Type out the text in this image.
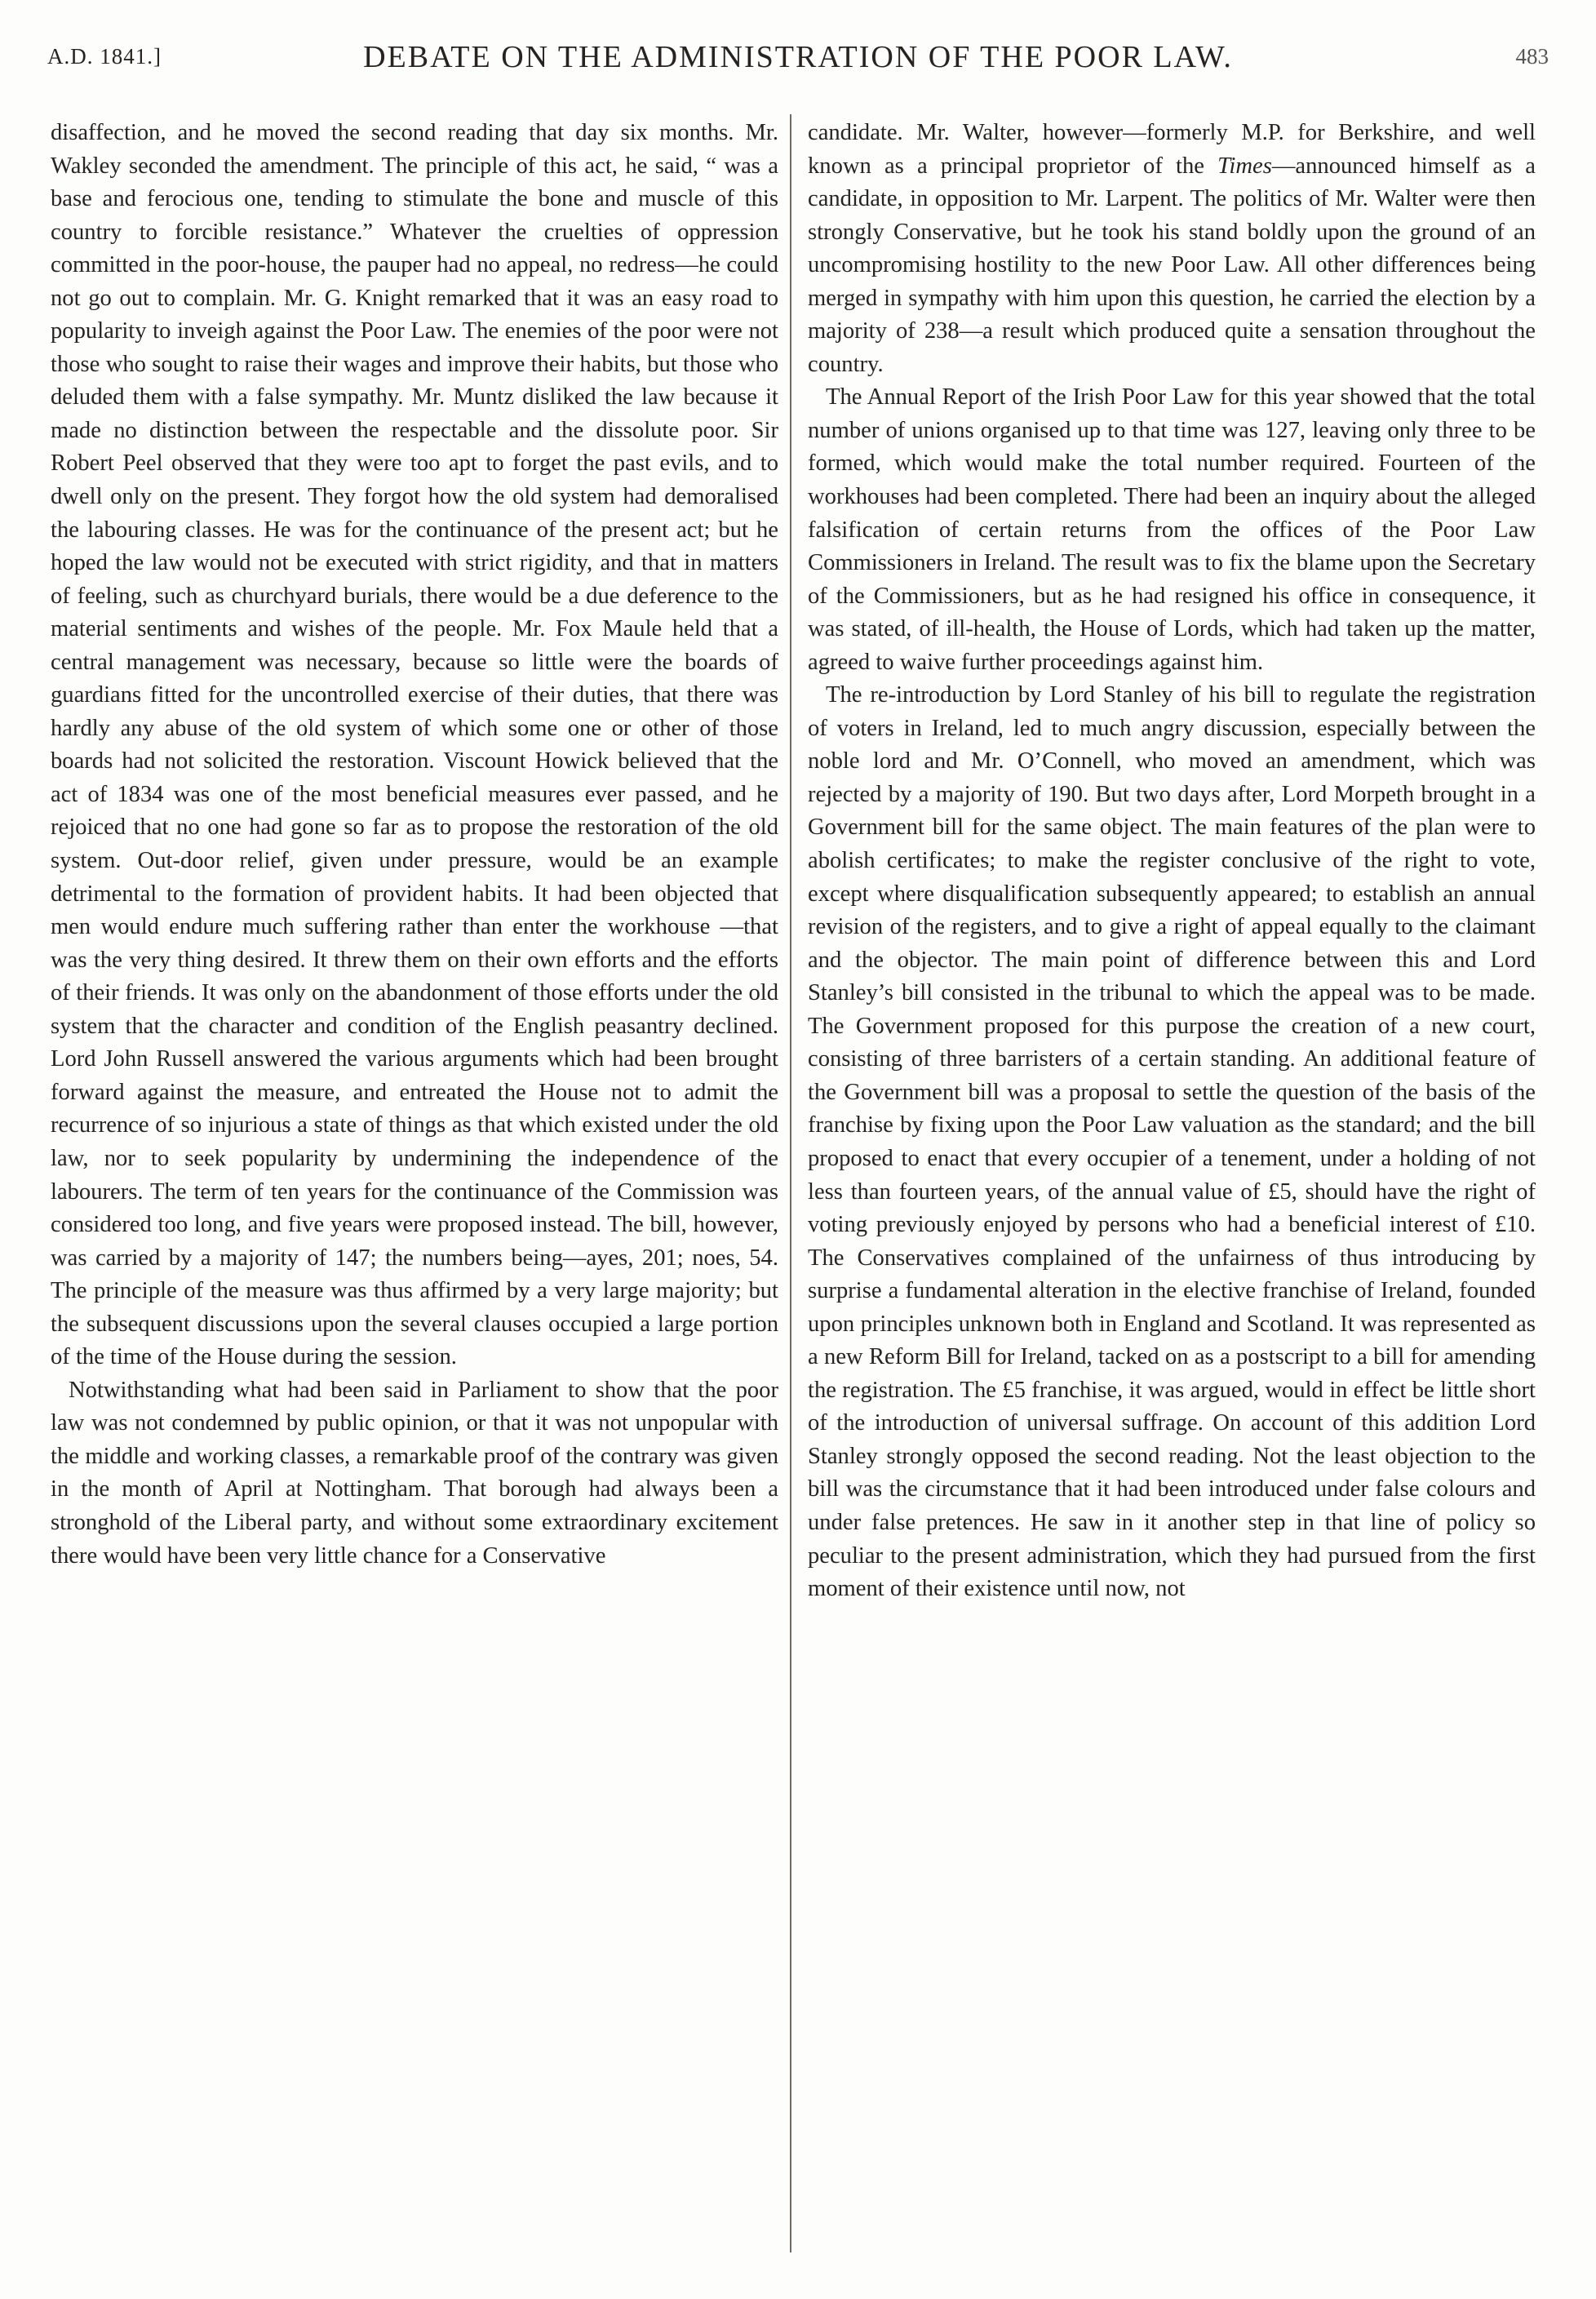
A.D. 1841.]	DEBATE ON THE ADMINISTRATION OF THE POOR LAW.	483

disaffection, and he moved the second reading that day six months. Mr. Wakley seconded the amendment. The principle of this act, he said, “ was a base and ferocious one, tending to stimulate the bone and muscle of this country to forcible resistance.” Whatever the cruelties of oppression committed in the poor-house, the pauper had no appeal, no redress—he could not go out to complain. Mr. G. Knight remarked that it was an easy road to popularity to inveigh against the Poor Law. The enemies of the poor were not those who sought to raise their wages and improve their habits, but those who deluded them with a false sympathy. Mr. Muntz disliked the law because it made no distinction between the respectable and the dissolute poor. Sir Robert Peel observed that they were too apt to forget the past evils, and to dwell only on the present. They forgot how the old system had demoralised the labouring classes. He was for the continuance of the present act; but he hoped the law would not be executed with strict rigidity, and that in matters of feeling, such as churchyard burials, there would be a due deference to the material sentiments and wishes of the people. Mr. Fox Maule held that a central management was necessary, because so little were the boards of guardians fitted for the uncontrolled exercise of their duties, that there was hardly any abuse of the old system of which some one or other of those boards had not solicited the restoration. Viscount Howick believed that the act of 1834 was one of the most beneficial measures ever passed, and he rejoiced that no one had gone so far as to propose the restoration of the old system. Out-door relief, given under pressure, would be an example detrimental to the formation of provident habits. It had been objected that men would endure much suffering rather than enter the workhouse —that was the very thing desired. It threw them on their own efforts and the efforts of their friends. It was only on the abandonment of those efforts under the old system that the character and condition of the English peasantry declined. Lord John Russell answered the various arguments which had been brought forward against the measure, and entreated the House not to admit the recurrence of so injurious a state of things as that which existed under the old law, nor to seek popularity by undermining the independence of the labourers. The term of ten years for the continuance of the Commission was considered too long, and five years were proposed instead. The bill, however, was carried by a majority of 147; the numbers being—ayes, 201; noes, 54. The principle of the measure was thus affirmed by a very large majority; but the subsequent discussions upon the several clauses occupied a large portion of the time of the House during the session.

Notwithstanding what had been said in Parliament to show that the poor law was not condemned by public opinion, or that it was not unpopular with the middle and working classes, a remarkable proof of the contrary was given in the month of April at Nottingham. That borough had always been a stronghold of the Liberal party, and without some extraordinary excitement there would have been very little chance for a Conservative

candidate. Mr. Walter, however—formerly M.P. for Berkshire, and well known as a principal proprietor of the Times—announced himself as a candidate, in opposition to Mr. Larpent. The politics of Mr. Walter were then strongly Conservative, but he took his stand boldly upon the ground of an uncompromising hostility to the new Poor Law. All other differences being merged in sympathy with him upon this question, he carried the election by a majority of 238—a result which produced quite a sensation throughout the country.

The Annual Report of the Irish Poor Law for this year showed that the total number of unions organised up to that time was 127, leaving only three to be formed, which would make the total number required. Fourteen of the workhouses had been completed. There had been an inquiry about the alleged falsification of certain returns from the offices of the Poor Law Commissioners in Ireland. The result was to fix the blame upon the Secretary of the Commissioners, but as he had resigned his office in consequence, it was stated, of ill-health, the House of Lords, which had taken up the matter, agreed to waive further proceedings against him.

The re-introduction by Lord Stanley of his bill to regulate the registration of voters in Ireland, led to much angry discussion, especially between the noble lord and Mr. O’Connell, who moved an amendment, which was rejected by a majority of 190. But two days after, Lord Morpeth brought in a Government bill for the same object. The main features of the plan were to abolish certificates; to make the register conclusive of the right to vote, except where disqualification subsequently appeared; to establish an annual revision of the registers, and to give a right of appeal equally to the claimant and the objector. The main point of difference between this and Lord Stanley’s bill consisted in the tribunal to which the appeal was to be made. The Government proposed for this purpose the creation of a new court, consisting of three barristers of a certain standing. An additional feature of the Government bill was a proposal to settle the question of the basis of the franchise by fixing upon the Poor Law valuation as the standard; and the bill proposed to enact that every occupier of a tenement, under a holding of not less than fourteen years, of the annual value of £5, should have the right of voting previously enjoyed by persons who had a beneficial interest of £10. The Conservatives complained of the unfairness of thus introducing by surprise a fundamental alteration in the elective franchise of Ireland, founded upon principles unknown both in England and Scotland. It was represented as a new Reform Bill for Ireland, tacked on as a postscript to a bill for amending the registration. The £5 franchise, it was argued, would in effect be little short of the introduction of universal suffrage. On account of this addition Lord Stanley strongly opposed the second reading. Not the least objection to the bill was the circumstance that it had been introduced under false colours and under false pretences. He saw in it another step in that line of policy so peculiar to the present administration, which they had pursued from the first moment of their existence until now, not
